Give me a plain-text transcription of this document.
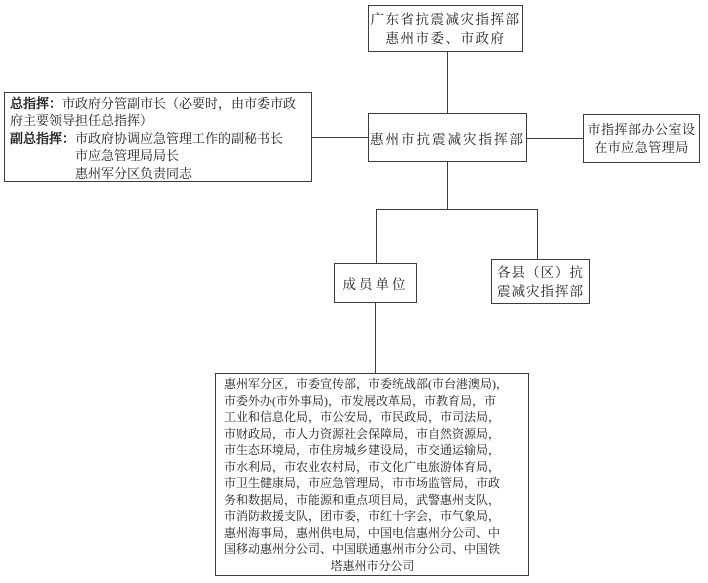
广东省抗震减灾指挥部
惠州市委、市政府
总指挥：市政府分管副市长（必要时，由市委市政
府主要领导担任总指挥）
副总指挥：市政府协调应急管理工作的副秘书长
市应急管理局局长
惠州军分区负责同志
惠州市抗震减灾指挥部
市指挥部办公室设
在市应急管理局
成员单位
各县（区）抗
震减灾指挥部
惠州军分区，市委宣传部，市委统战部(市台港澳局)，
市委外办(市外事局)，市发展改革局，市教育局，市
工业和信息化局，市公安局，市民政局，市司法局，
市财政局，市人力资源社会保障局，市自然资源局，
市生态环境局，市住房城乡建设局，市交通运输局，
市水利局，市农业农村局，市文化广电旅游体育局，
市卫生健康局，市应急管理局，市市场监管局，市政
务和数据局，市能源和重点项目局，武警惠州支队，
市消防救援支队，团市委，市红十字会，市气象局，
惠州海事局，惠州供电局，中国电信惠州分公司、中
国移动惠州分公司、中国联通惠州市分公司、中国铁
塔惠州市分公司
